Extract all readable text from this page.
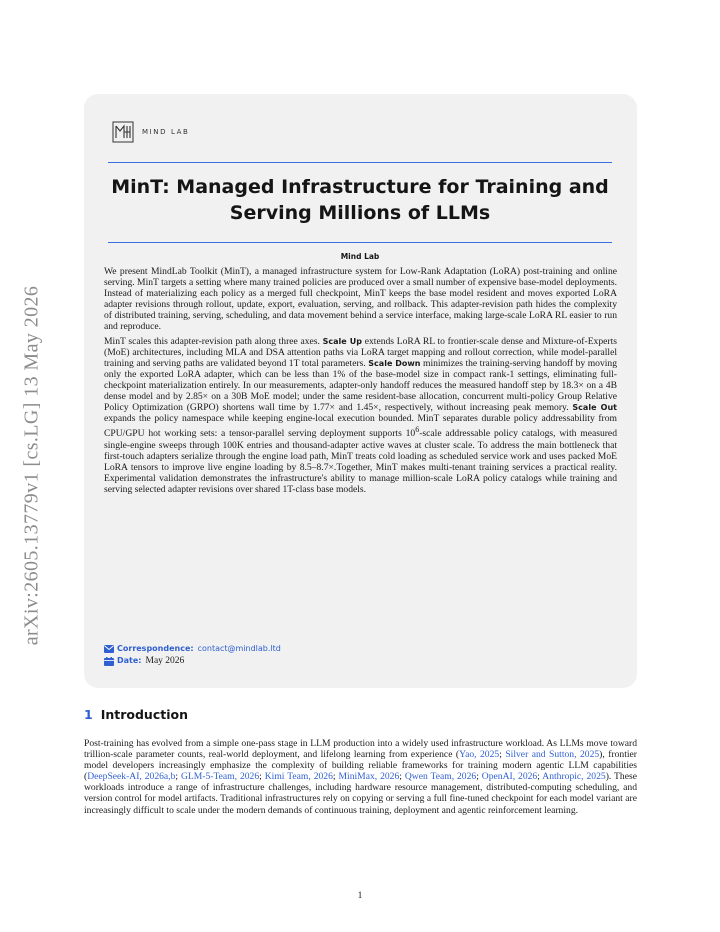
arXiv:2605.13779v1 [cs.LG] 13 May 2026
MIND LAB
MinT: Managed Infrastructure for Training and Serving Millions of LLMs
Mind Lab

We present MindLab Toolkit (MinT), a managed infrastructure system for Low-Rank Adaptation (LoRA) post-training and online serving. MinT targets a setting where many trained policies are produced over a small number of expensive base-model deployments. Instead of materializing each policy as a merged full checkpoint, MinT keeps the base model resident and moves exported LoRA adapter revisions through rollout, update, export, evaluation, serving, and rollback. This adapter-revision path hides the complexity of distributed training, serving, scheduling, and data movement behind a service interface, making large-scale LoRA RL easier to run and reproduce.

MinT scales this adapter-revision path along three axes. Scale Up extends LoRA RL to frontier-scale dense and Mixture-of-Experts (MoE) architectures, including MLA and DSA attention paths via LoRA target mapping and rollout correction, while model-parallel training and serving paths are validated beyond 1T total parameters. Scale Down minimizes the training-serving handoff by moving only the exported LoRA adapter, which can be less than 1% of the base-model size in compact rank-1 settings, eliminating full-checkpoint materialization entirely. In our measurements, adapter-only handoff reduces the measured handoff step by 18.3× on a 4B dense model and by 2.85× on a 30B MoE model; under the same resident-base allocation, concurrent multi-policy Group Relative Policy Optimization (GRPO) shortens wall time by 1.77× and 1.45×, respectively, without increasing peak memory. Scale Out expands the policy namespace while keeping engine-local execution bounded. MinT separates durable policy addressability from CPU/GPU hot working sets: a tensor-parallel serving deployment supports $10^6$-scale addressable policy catalogs, with measured single-engine sweeps through 100K entries and thousand-adapter active waves at cluster scale. To address the main bottleneck that first-touch adapters serialize through the engine load path, MinT treats cold loading as scheduled service work and uses packed MoE LoRA tensors to improve live engine loading by 8.5–8.7×.Together, MinT makes multi-tenant training services a practical reality. Experimental validation demonstrates the infrastructure's ability to manage million-scale LoRA policy catalogs while training and serving selected adapter revisions over shared 1T-class base models.

Correspondence: contact@mindlab.ltd
Date: May 2026
1 Introduction

Post-training has evolved from a simple one-pass stage in LLM production into a widely used infrastructure workload. As LLMs move toward trillion-scale parameter counts, real-world deployment, and lifelong learning from experience (Yao, 2025; Silver and Sutton, 2025), frontier model developers increasingly emphasize the complexity of building reliable frameworks for training modern agentic LLM capabilities (DeepSeek-AI, 2026a,b; GLM-5-Team, 2026; Kimi Team, 2026; MiniMax, 2026; Qwen Team, 2026; OpenAI, 2026; Anthropic, 2025). These workloads introduce a range of infrastructure challenges, including hardware resource management, distributed-computing scheduling, and version control for model artifacts. Traditional infrastructures rely on copying or serving a full fine-tuned checkpoint for each model variant are increasingly difficult to scale under the modern demands of continuous training, deployment and agentic reinforcement learning.

1
